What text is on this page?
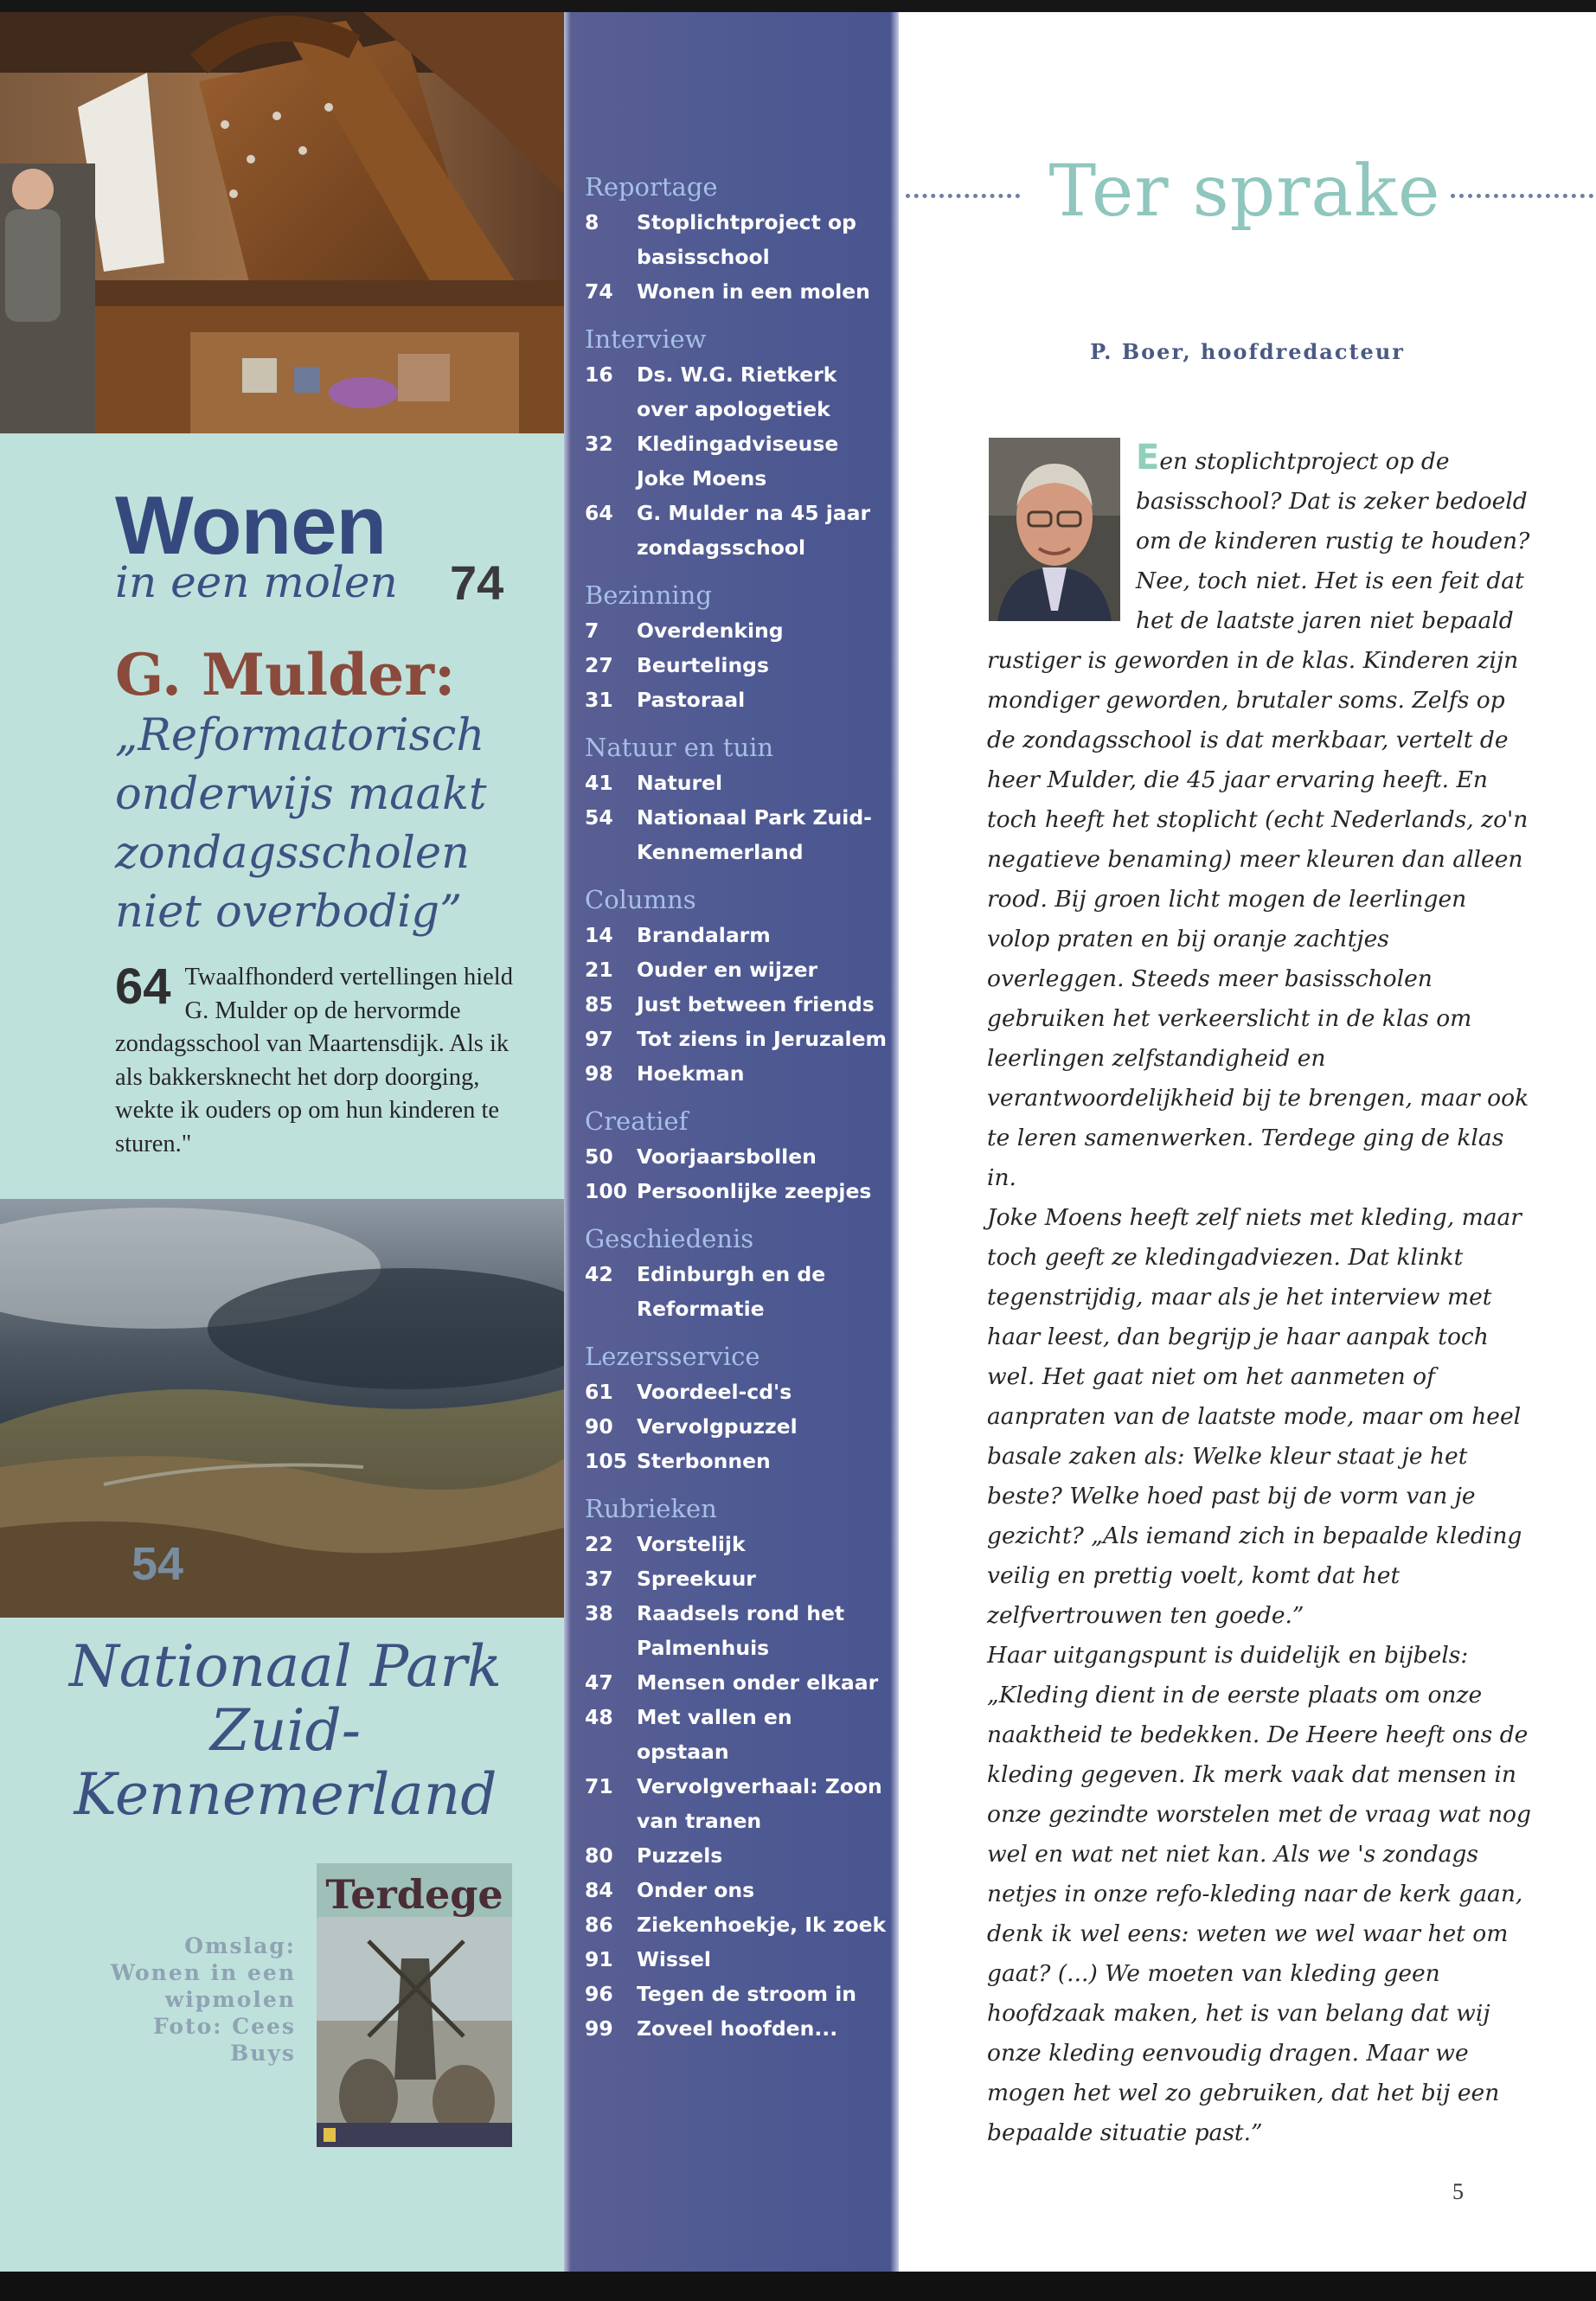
Wonen
in een molen 74
G. Mulder:
„Reformatorisch onderwijs maakt zondagsscholen niet overbodig”
64 Twaalfhonderd vertellingen hield G. Mulder op de hervormde zondagsschool van Maartensdijk. Als ik als bakkersknecht het dorp doorging, wekte ik ouders op om hun kinderen te sturen."
54
Nationaal Park Zuid-Kennemerland
Omslag: Wonen in een wipmolen Foto: Cees Buys
Terdege
Reportage
8	Stoplichtproject op basisschool
74	Wonen in een molen
Interview
16	Ds. W.G. Rietkerk over apologetiek
32	Kledingadviseuse Joke Moens
64	G. Mulder na 45 jaar zondagsschool
Bezinning
7	Overdenking
27	Beurtelings
31	Pastoraal
Natuur en tuin
41	Naturel
54	Nationaal Park Zuid-Kennemerland
Columns
14	Brandalarm
21	Ouder en wijzer
85	Just between friends
97	Tot ziens in Jeruzalem
98	Hoekman
Creatief
50	Voorjaarsbollen
100 Persoonlijke zeepjes
Geschiedenis
42	Edinburgh en de Reformatie
Lezersservice
61	Voordeel-cd's
90	Vervolgpuzzel
105 Sterbonnen
Rubrieken
22	Vorstelijk
37	Spreekuur
38	Raadsels rond het Palmenhuis
47	Mensen onder elkaar
48	Met vallen en opstaan
71	Vervolgverhaal: Zoon van tranen
80	Puzzels
84	Onder ons
86	Ziekenhoekje, Ik zoek
91	Wissel
96	Tegen de stroom in
99	Zoveel hoofden...
Ter sprake
P. Boer, hoofdredacteur
Een stoplichtproject op de basisschool? Dat is zeker bedoeld om de kinderen rustig te houden? Nee, toch niet. Het is een feit dat het de laatste jaren niet bepaald rustiger is geworden in de klas. Kinderen zijn mondiger geworden, brutaler soms. Zelfs op de zondagsschool is dat merkbaar, vertelt de heer Mulder, die 45 jaar ervaring heeft. En toch heeft het stoplicht (echt Nederlands, zo'n negatieve benaming) meer kleuren dan alleen rood. Bij groen licht mogen de leerlingen volop praten en bij oranje zachtjes overleggen. Steeds meer basisscholen gebruiken het verkeerslicht in de klas om leerlingen zelfstandigheid en verantwoordelijkheid bij te brengen, maar ook te leren samenwerken. Terdege ging de klas in.
Joke Moens heeft zelf niets met kleding, maar toch geeft ze kledingadviezen. Dat klinkt tegenstrijdig, maar als je het interview met haar leest, dan begrijp je haar aanpak toch wel. Het gaat niet om het aanmeten of aanpraten van de laatste mode, maar om heel basale zaken als: Welke kleur staat je het beste? Welke hoed past bij de vorm van je gezicht? „Als iemand zich in bepaalde kleding veilig en prettig voelt, komt dat het zelfvertrouwen ten goede.”
Haar uitgangspunt is duidelijk en bijbels: „Kleding dient in de eerste plaats om onze naaktheid te bedekken. De Heere heeft ons de kleding gegeven. Ik merk vaak dat mensen in onze gezindte worstelen met de vraag wat nog wel en wat net niet kan. Als we 's zondags netjes in onze refo-kleding naar de kerk gaan, denk ik wel eens: weten we wel waar het om gaat? (...) We moeten van kleding geen hoofdzaak maken, het is van belang dat wij onze kleding eenvoudig dragen. Maar we mogen het wel zo gebruiken, dat het bij een bepaalde situatie past.”
5
